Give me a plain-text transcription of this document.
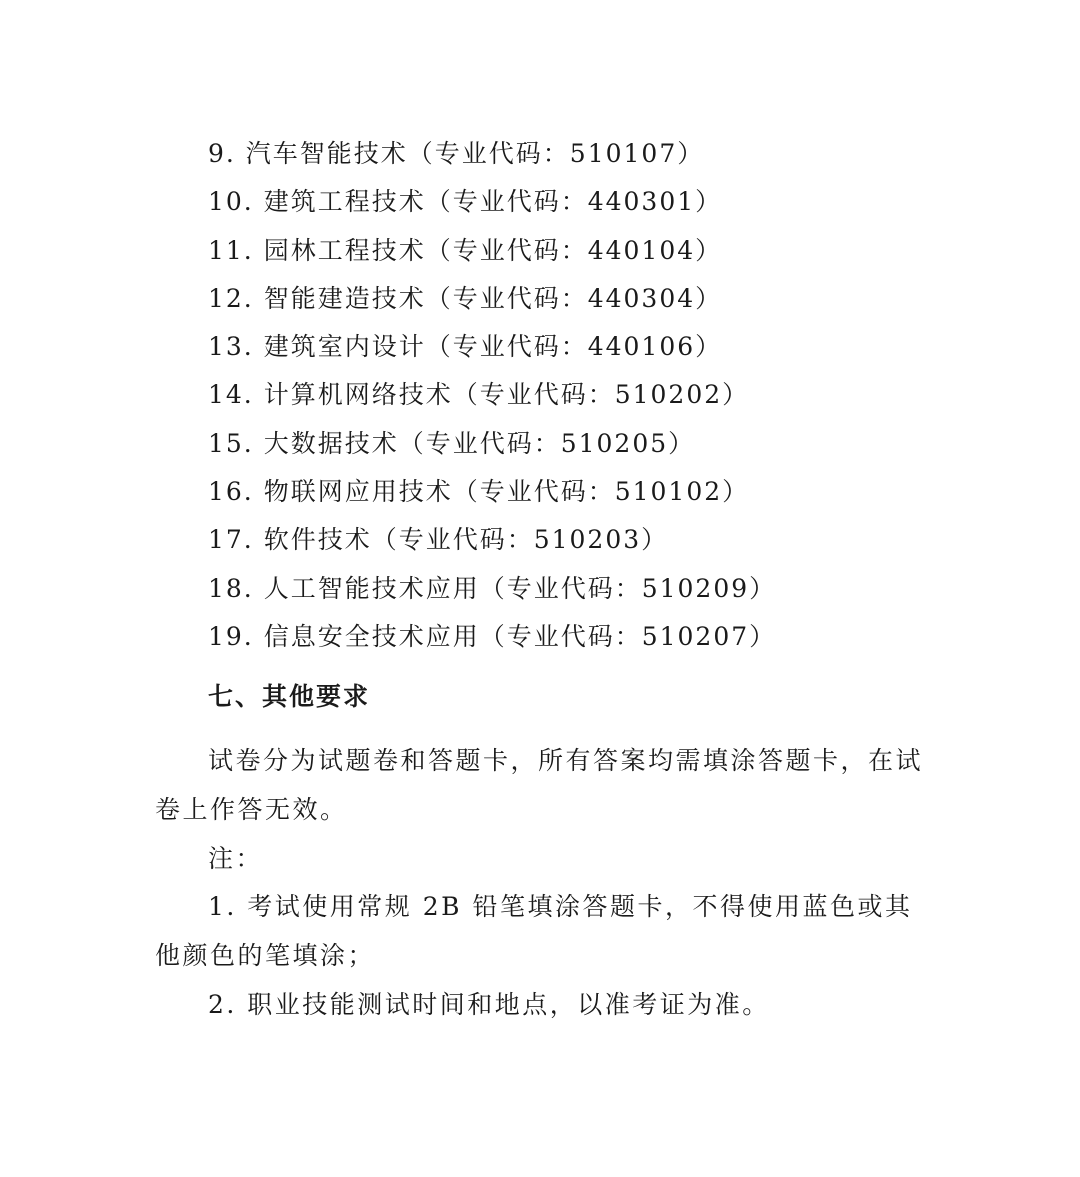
9. 汽车智能技术（专业代码：510107）
10. 建筑工程技术（专业代码：440301）
11. 园林工程技术（专业代码：440104）
12. 智能建造技术（专业代码：440304）
13. 建筑室内设计（专业代码：440106）
14. 计算机网络技术（专业代码：510202）
15. 大数据技术（专业代码：510205）
16. 物联网应用技术（专业代码：510102）
17. 软件技术（专业代码：510203）
18. 人工智能技术应用（专业代码：510209）
19. 信息安全技术应用（专业代码：510207）
七、其他要求

试卷分为试题卷和答题卡，所有答案均需填涂答题卡，在试卷上作答无效。

注：

1. 考试使用常规 2B 铅笔填涂答题卡，不得使用蓝色或其他颜色的笔填涂；

2. 职业技能测试时间和地点，以准考证为准。
